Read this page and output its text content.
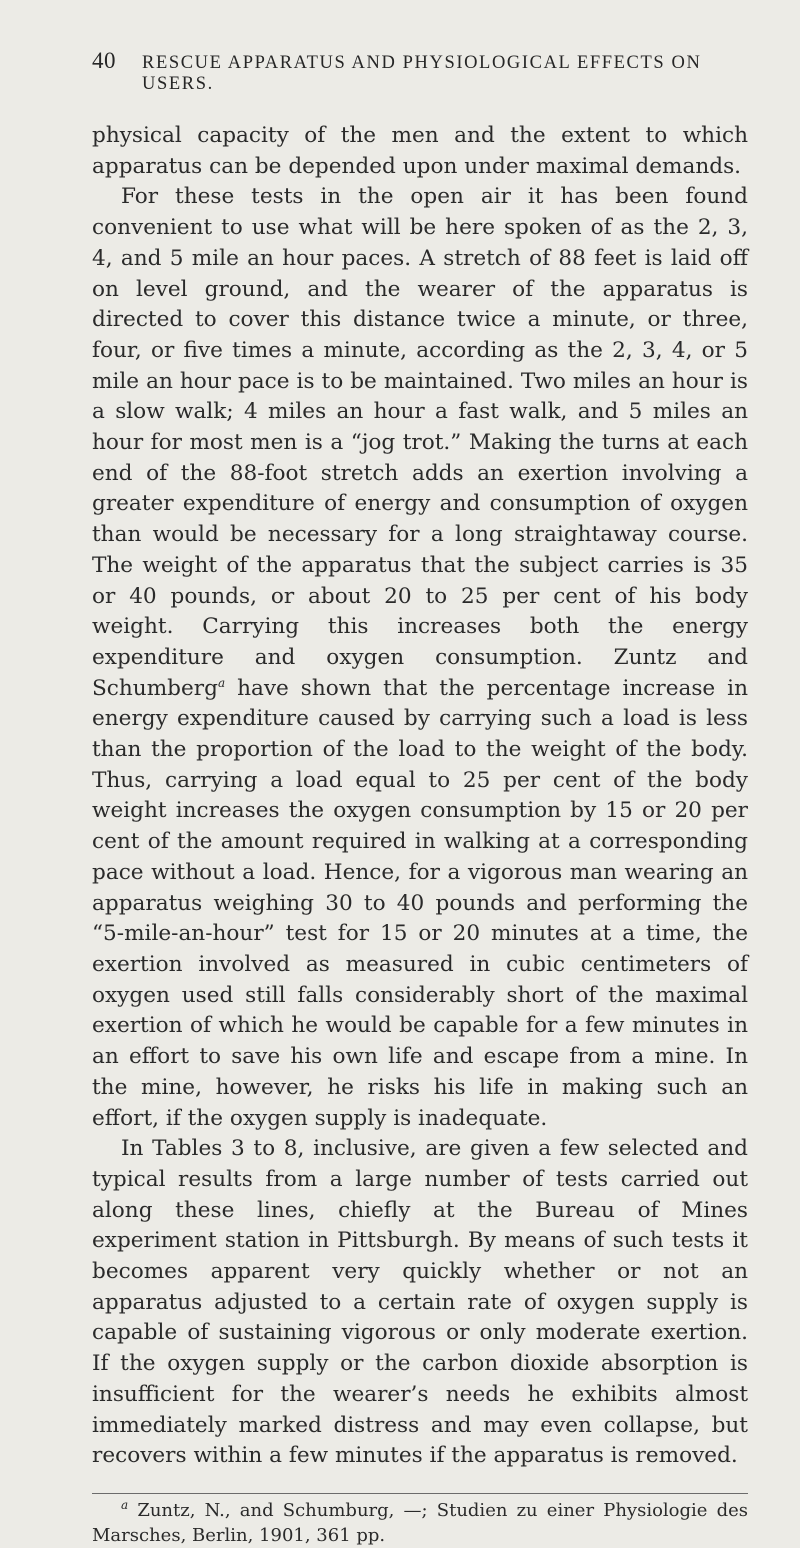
40 RESCUE APPARATUS AND PHYSIOLOGICAL EFFECTS ON USERS.

physical capacity of the men and the extent to which apparatus can be depended upon under maximal demands.

For these tests in the open air it has been found convenient to use what will be here spoken of as the 2, 3, 4, and 5 mile an hour paces. A stretch of 88 feet is laid off on level ground, and the wearer of the apparatus is directed to cover this distance twice a minute, or three, four, or five times a minute, according as the 2, 3, 4, or 5 mile an hour pace is to be maintained. Two miles an hour is a slow walk; 4 miles an hour a fast walk, and 5 miles an hour for most men is a “jog trot.” Making the turns at each end of the 88-foot stretch adds an exertion involving a greater expenditure of energy and consumption of oxygen than would be necessary for a long straightaway course. The weight of the apparatus that the subject carries is 35 or 40 pounds, or about 20 to 25 per cent of his body weight. Carrying this increases both the energy expenditure and oxygen consumption. Zuntz and Schumberg$^a$ have shown that the percentage increase in energy expenditure caused by carrying such a load is less than the proportion of the load to the weight of the body. Thus, carrying a load equal to 25 per cent of the body weight increases the oxygen consumption by 15 or 20 per cent of the amount required in walking at a corresponding pace without a load. Hence, for a vigorous man wearing an apparatus weighing 30 to 40 pounds and performing the “5-mile-an-hour” test for 15 or 20 minutes at a time, the exertion involved as measured in cubic centimeters of oxygen used still falls considerably short of the maximal exertion of which he would be capable for a few minutes in an effort to save his own life and escape from a mine. In the mine, however, he risks his life in making such an effort, if the oxygen supply is inadequate.

In Tables 3 to 8, inclusive, are given a few selected and typical results from a large number of tests carried out along these lines, chiefly at the Bureau of Mines experiment station in Pittsburgh. By means of such tests it becomes apparent very quickly whether or not an apparatus adjusted to a certain rate of oxygen supply is capable of sustaining vigorous or only moderate exertion. If the oxygen supply or the carbon dioxide absorption is insufficient for the wearer’s needs he exhibits almost immediately marked distress and may even collapse, but recovers within a few minutes if the apparatus is removed.

$^a$ Zuntz, N., and Schumburg, —; Studien zu einer Physiologie des Marsches, Berlin, 1901, 361 pp.
